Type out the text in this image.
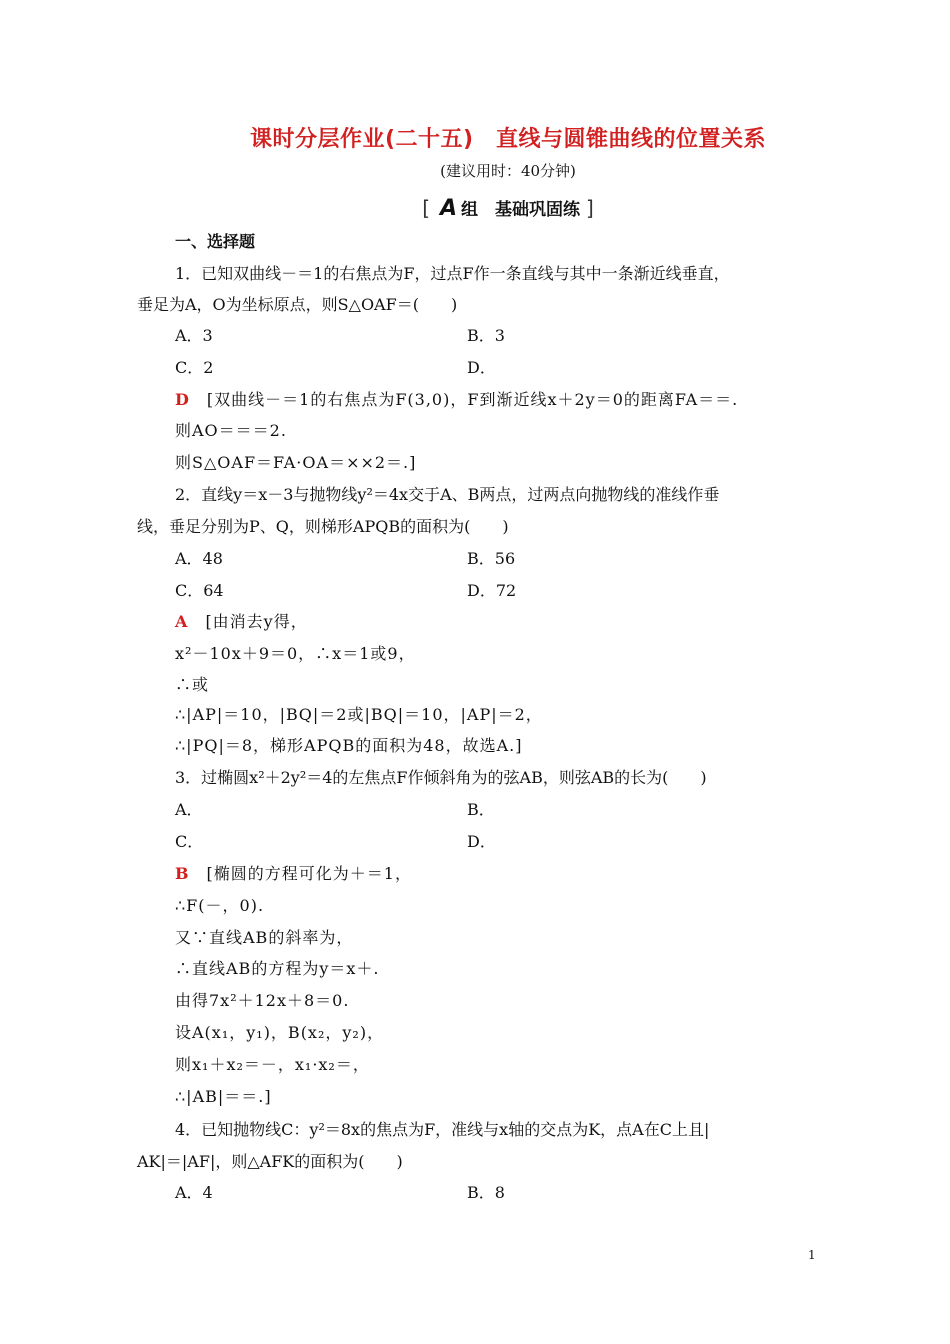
课时分层作业(二十五)　直线与圆锥曲线的位置关系
(建议用时：40分钟)
[ A 组　基础巩固练 ]
一、选择题
1．已知双曲线－＝1的右焦点为F，过点F作一条直线与其中一条渐近线垂直，
垂足为A，O为坐标原点，则S△OAF＝(　　)
A．3	B．3
C．2	D．
D　 [双曲线－＝1的右焦点为F(3,0)，F到渐近线x＋2y＝0的距离FA＝＝.
则AO＝＝＝2.
则S△OAF＝FA·OA＝××2＝.]
2．直线y＝x－3与抛物线y²＝4x交于A、B两点，过两点向抛物线的准线作垂
线，垂足分别为P、Q，则梯形APQB的面积为(　　)
A．48	B．56
C．64	D．72
A　 [由消去y得，
x²－10x＋9＝0，∴x＝1或9，
∴或
∴|AP|＝10，|BQ|＝2或|BQ|＝10，|AP|＝2，
∴|PQ|＝8，梯形APQB的面积为48，故选A.]
3．过椭圆x²＋2y²＝4的左焦点F作倾斜角为的弦AB，则弦AB的长为(　　)
A．	B．
C．	D．
B　 [椭圆的方程可化为＋＝1，
∴F(－，0).
又∵直线AB的斜率为，
∴直线AB的方程为y＝x＋.
由得7x²＋12x＋8＝0.
设A(x₁，y₁)，B(x₂，y₂)，
则x₁＋x₂＝－，x₁·x₂＝，
∴|AB|＝＝.]
4．已知抛物线C：y²＝8x的焦点为F，准线与x轴的交点为K，点A在C上且|
AK|＝|AF|，则△AFK的面积为(　　)
A．4	B．8
1
